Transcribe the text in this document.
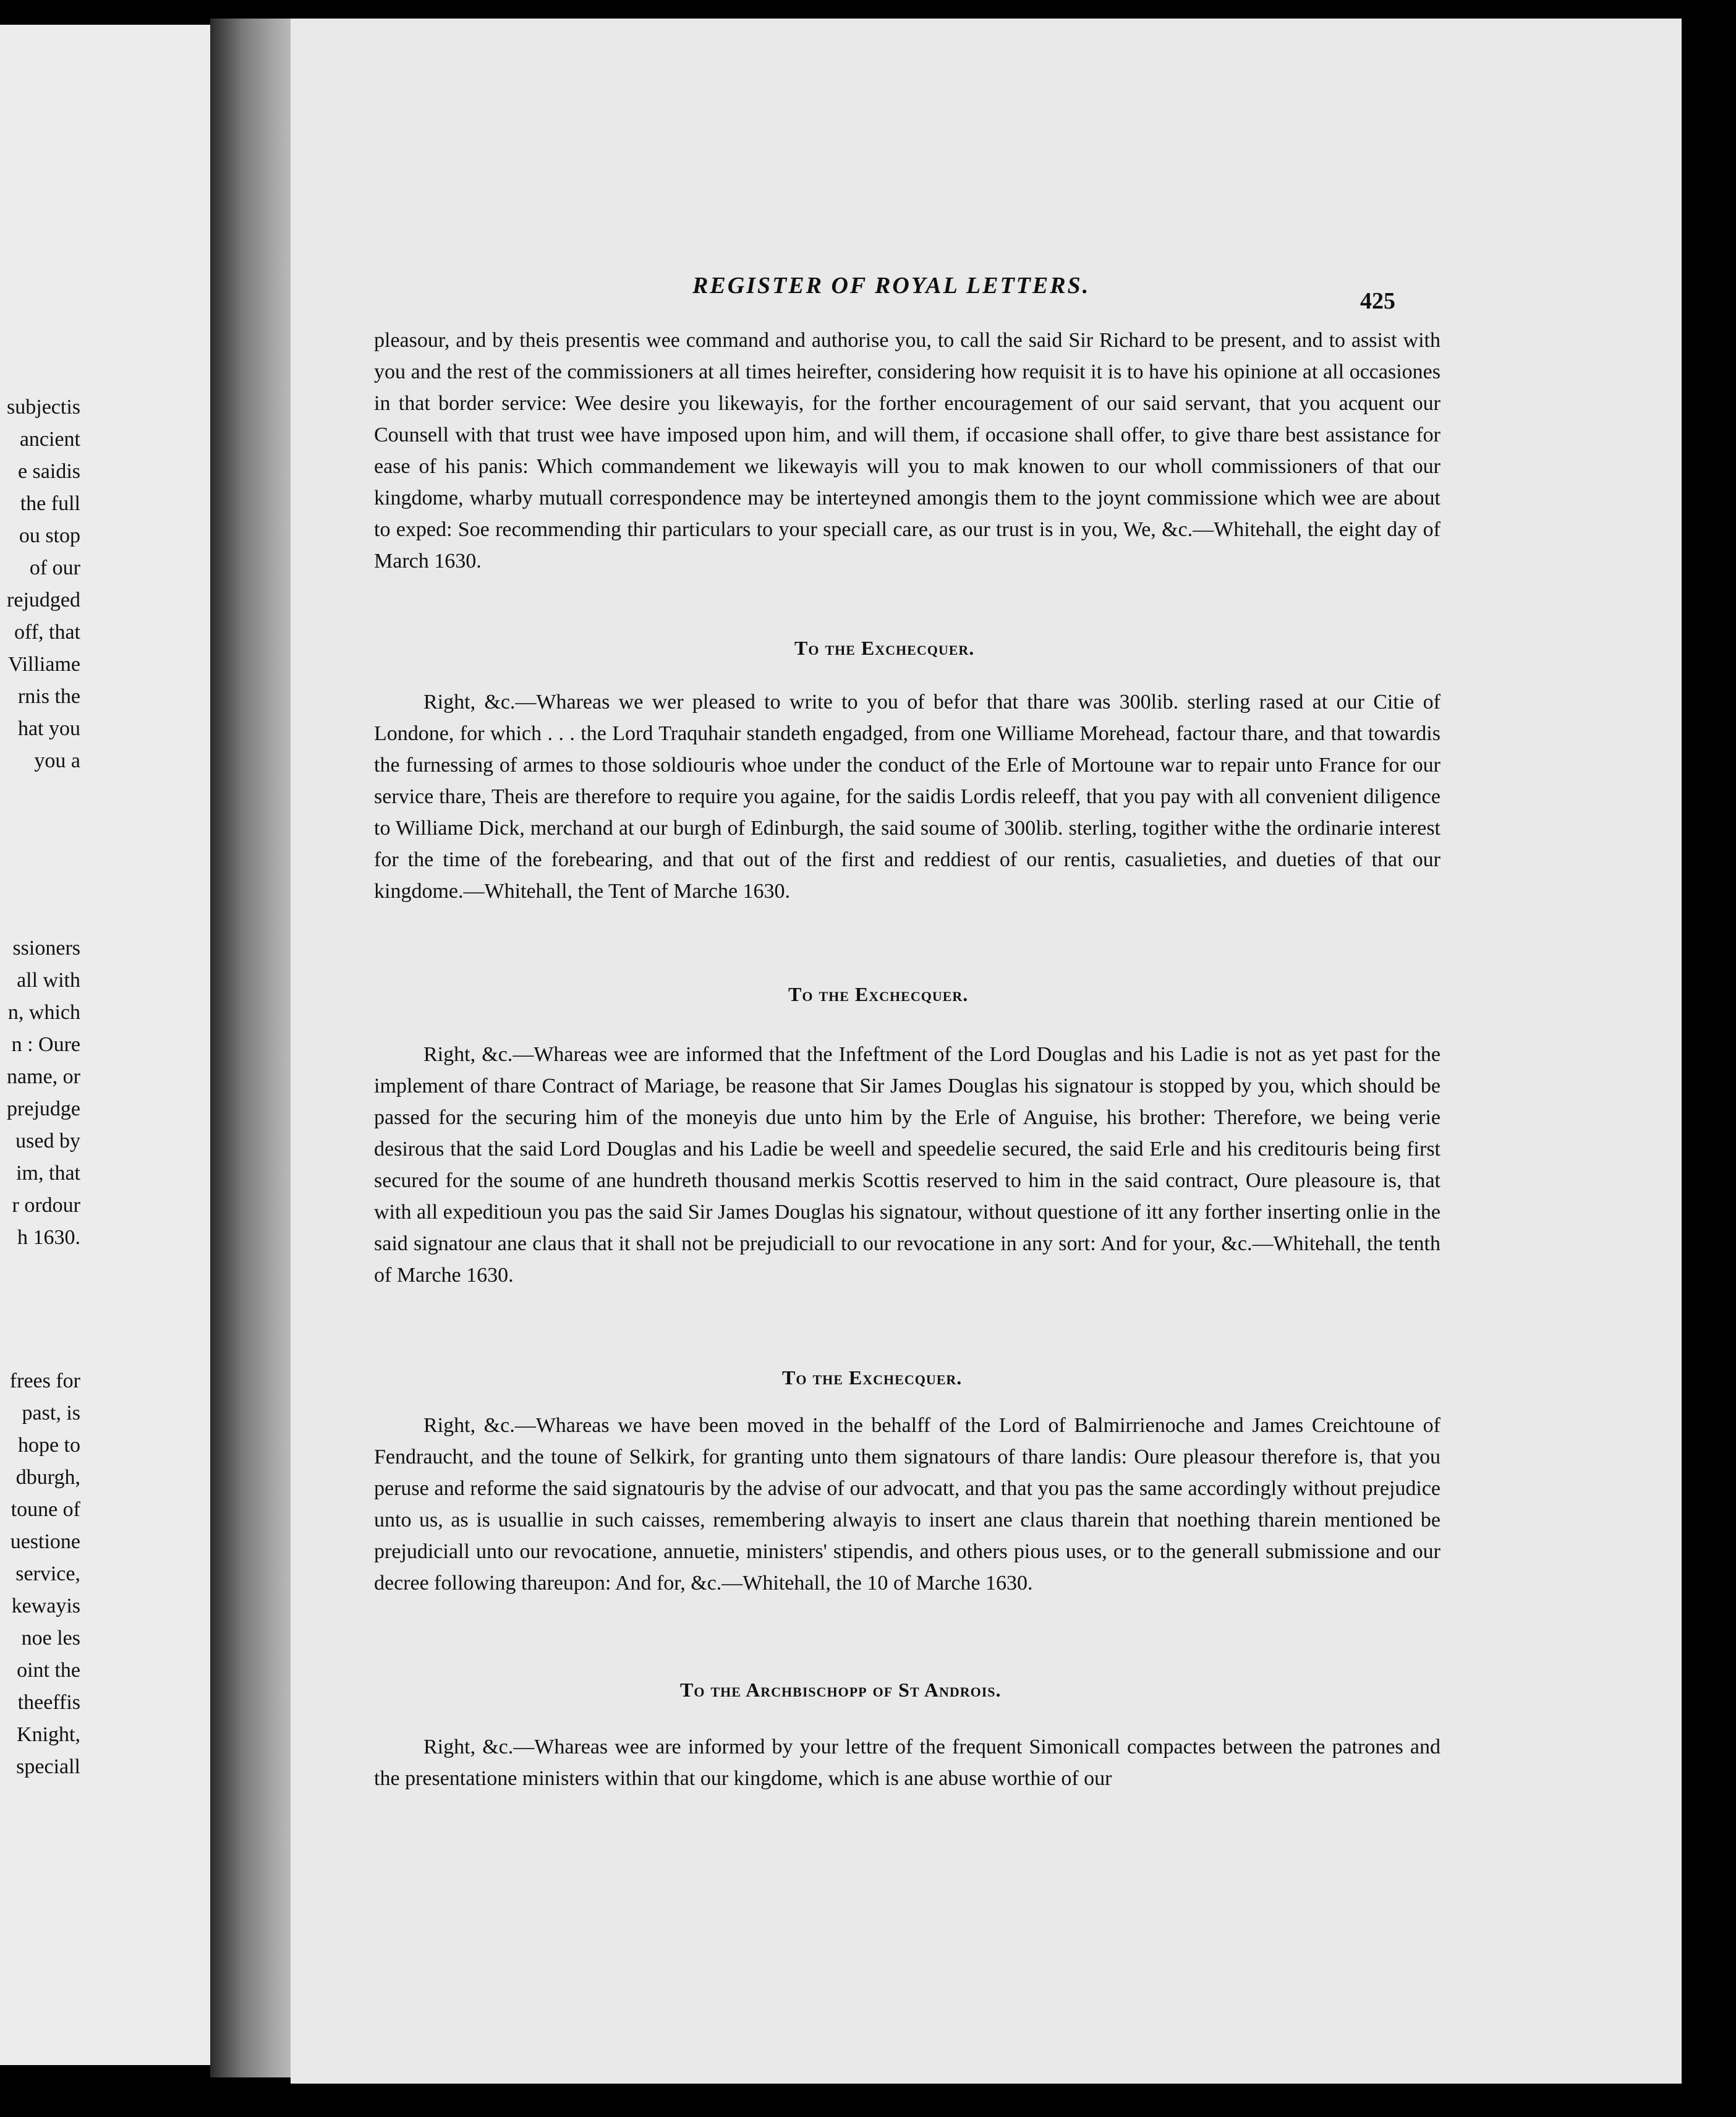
subjectis
ancient
e saidis
the full
ou stop
of our
rejudged
off, that
Villiame
rnis the
hat you
you a
ssioners
all with
n, which
n : Oure
name, or
prejudge
used by
im, that
r ordour
h 1630.
frees for
past, is
hope to
dburgh,
toune of
uestione
service,
kewayis
noe les
oint the
theeffis
Knight,
speciall
REGISTER OF ROYAL LETTERS.
425
pleasour, and by theis presentis wee command and authorise you, to call the said Sir Richard to be present, and to assist with you and the rest of the commissioners at all times heirefter, considering how requisit it is to have his opinione at all occasiones in that border service: Wee desire you likewayis, for the forther encouragement of our said servant, that you acquent our Counsell with that trust wee have imposed upon him, and will them, if occasione shall offer, to give thare best assistance for ease of his panis: Which commandement we likewayis will you to mak knowen to our wholl commissioners of that our kingdome, wharby mutuall correspondence may be interteyned amongis them to the joynt commissione which wee are about to exped: Soe recommending thir particulars to your speciall care, as our trust is in you, We, &c.—Whitehall, the eight day of March 1630.
To the Exchecquer.
Right, &c.—Whareas we wer pleased to write to you of befor that thare was 300lib. sterling rased at our Citie of Londone, for which . . . the Lord Traquhair standeth engadged, from one Williame Morehead, factour thare, and that towardis the furnessing of armes to those soldiouris whoe under the conduct of the Erle of Mortoune war to repair unto France for our service thare, Theis are therefore to require you againe, for the saidis Lordis releeff, that you pay with all convenient diligence to Williame Dick, merchand at our burgh of Edinburgh, the said soume of 300lib. sterling, togither withe the ordinarie interest for the time of the forebearing, and that out of the first and reddiest of our rentis, casualieties, and dueties of that our kingdome.—Whitehall, the Tent of Marche 1630.
To the Exchecquer.
Right, &c.—Whareas wee are informed that the Infeftment of the Lord Douglas and his Ladie is not as yet past for the implement of thare Contract of Mariage, be reasone that Sir James Douglas his signatour is stopped by you, which should be passed for the securing him of the moneyis due unto him by the Erle of Anguise, his brother: Therefore, we being verie desirous that the said Lord Douglas and his Ladie be weell and speedelie secured, the said Erle and his creditouris being first secured for the soume of ane hundreth thousand merkis Scottis reserved to him in the said contract, Oure pleasoure is, that with all expeditioun you pas the said Sir James Douglas his signatour, without questione of itt any forther inserting onlie in the said signatour ane claus that it shall not be prejudiciall to our revocatione in any sort: And for your, &c.—Whitehall, the tenth of Marche 1630.
To the Exchecquer.
Right, &c.—Whareas we have been moved in the behalff of the Lord of Balmirrienoche and James Creichtoune of Fendraucht, and the toune of Selkirk, for granting unto them signatours of thare landis: Oure pleasour therefore is, that you peruse and reforme the said signatouris by the advise of our advocatt, and that you pas the same accordingly without prejudice unto us, as is usuallie in such caisses, remembering alwayis to insert ane claus tharein that noething tharein mentioned be prejudiciall unto our revocatione, annuetie, ministers' stipendis, and others pious uses, or to the generall submissione and our decree following thareupon: And for, &c.—Whitehall, the 10 of Marche 1630.
To the Archbischopp of St Androis.
Right, &c.—Whareas wee are informed by your lettre of the frequent Simonicall compactes between the patrones and the presentatione ministers within that our kingdome, which is ane abuse worthie of our
